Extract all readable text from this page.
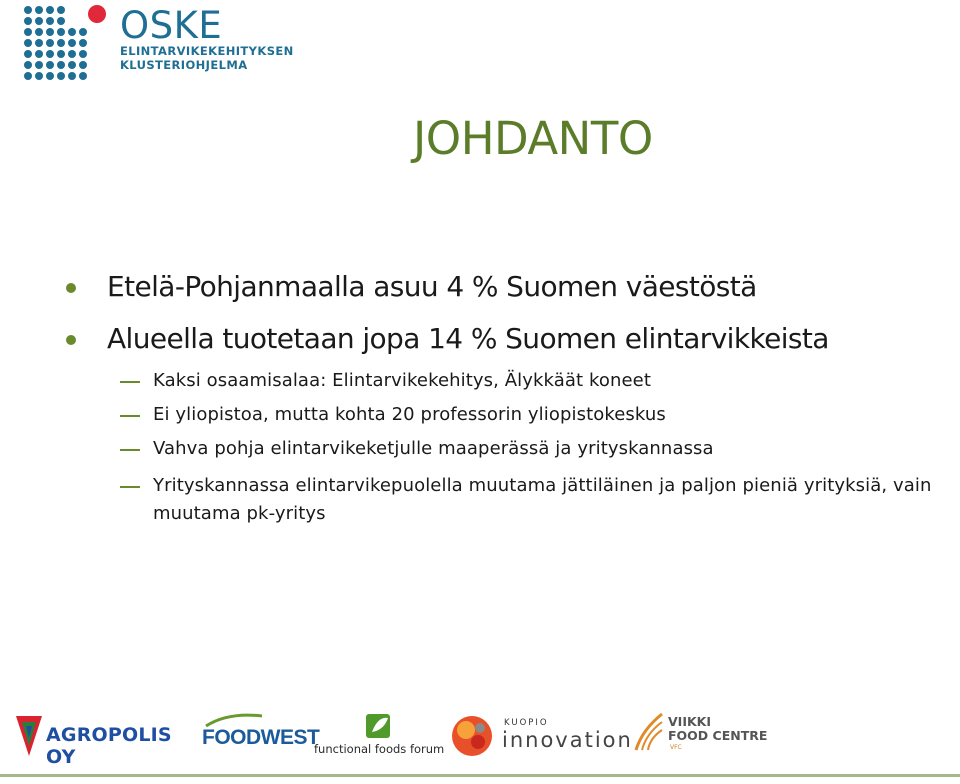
OSKE
ELINTARVIKEKEHITYKSEN
KLUSTERIOHJELMA
JOHDANTO
Etelä-Pohjanmaalla asuu 4 % Suomen väestöstä
Alueella tuotetaan jopa 14 % Suomen elintarvikkeista
Kaksi osaamisalaa: Elintarvikekehitys, Älykkäät koneet
Ei yliopistoa, mutta kohta 20 professorin yliopistokeskus
Vahva pohja elintarvikeketjulle maaperässä ja yrityskannassa
Yrityskannassa elintarvikepuolella muutama jättiläinen ja paljon pieniä yrityksiä, vain
muutama pk-yritys
AGROPOLIS OY
FOODWEST
functional foods forum
KUOPIO
innovation
VIIKKI
FOOD CENTRE
VFC
